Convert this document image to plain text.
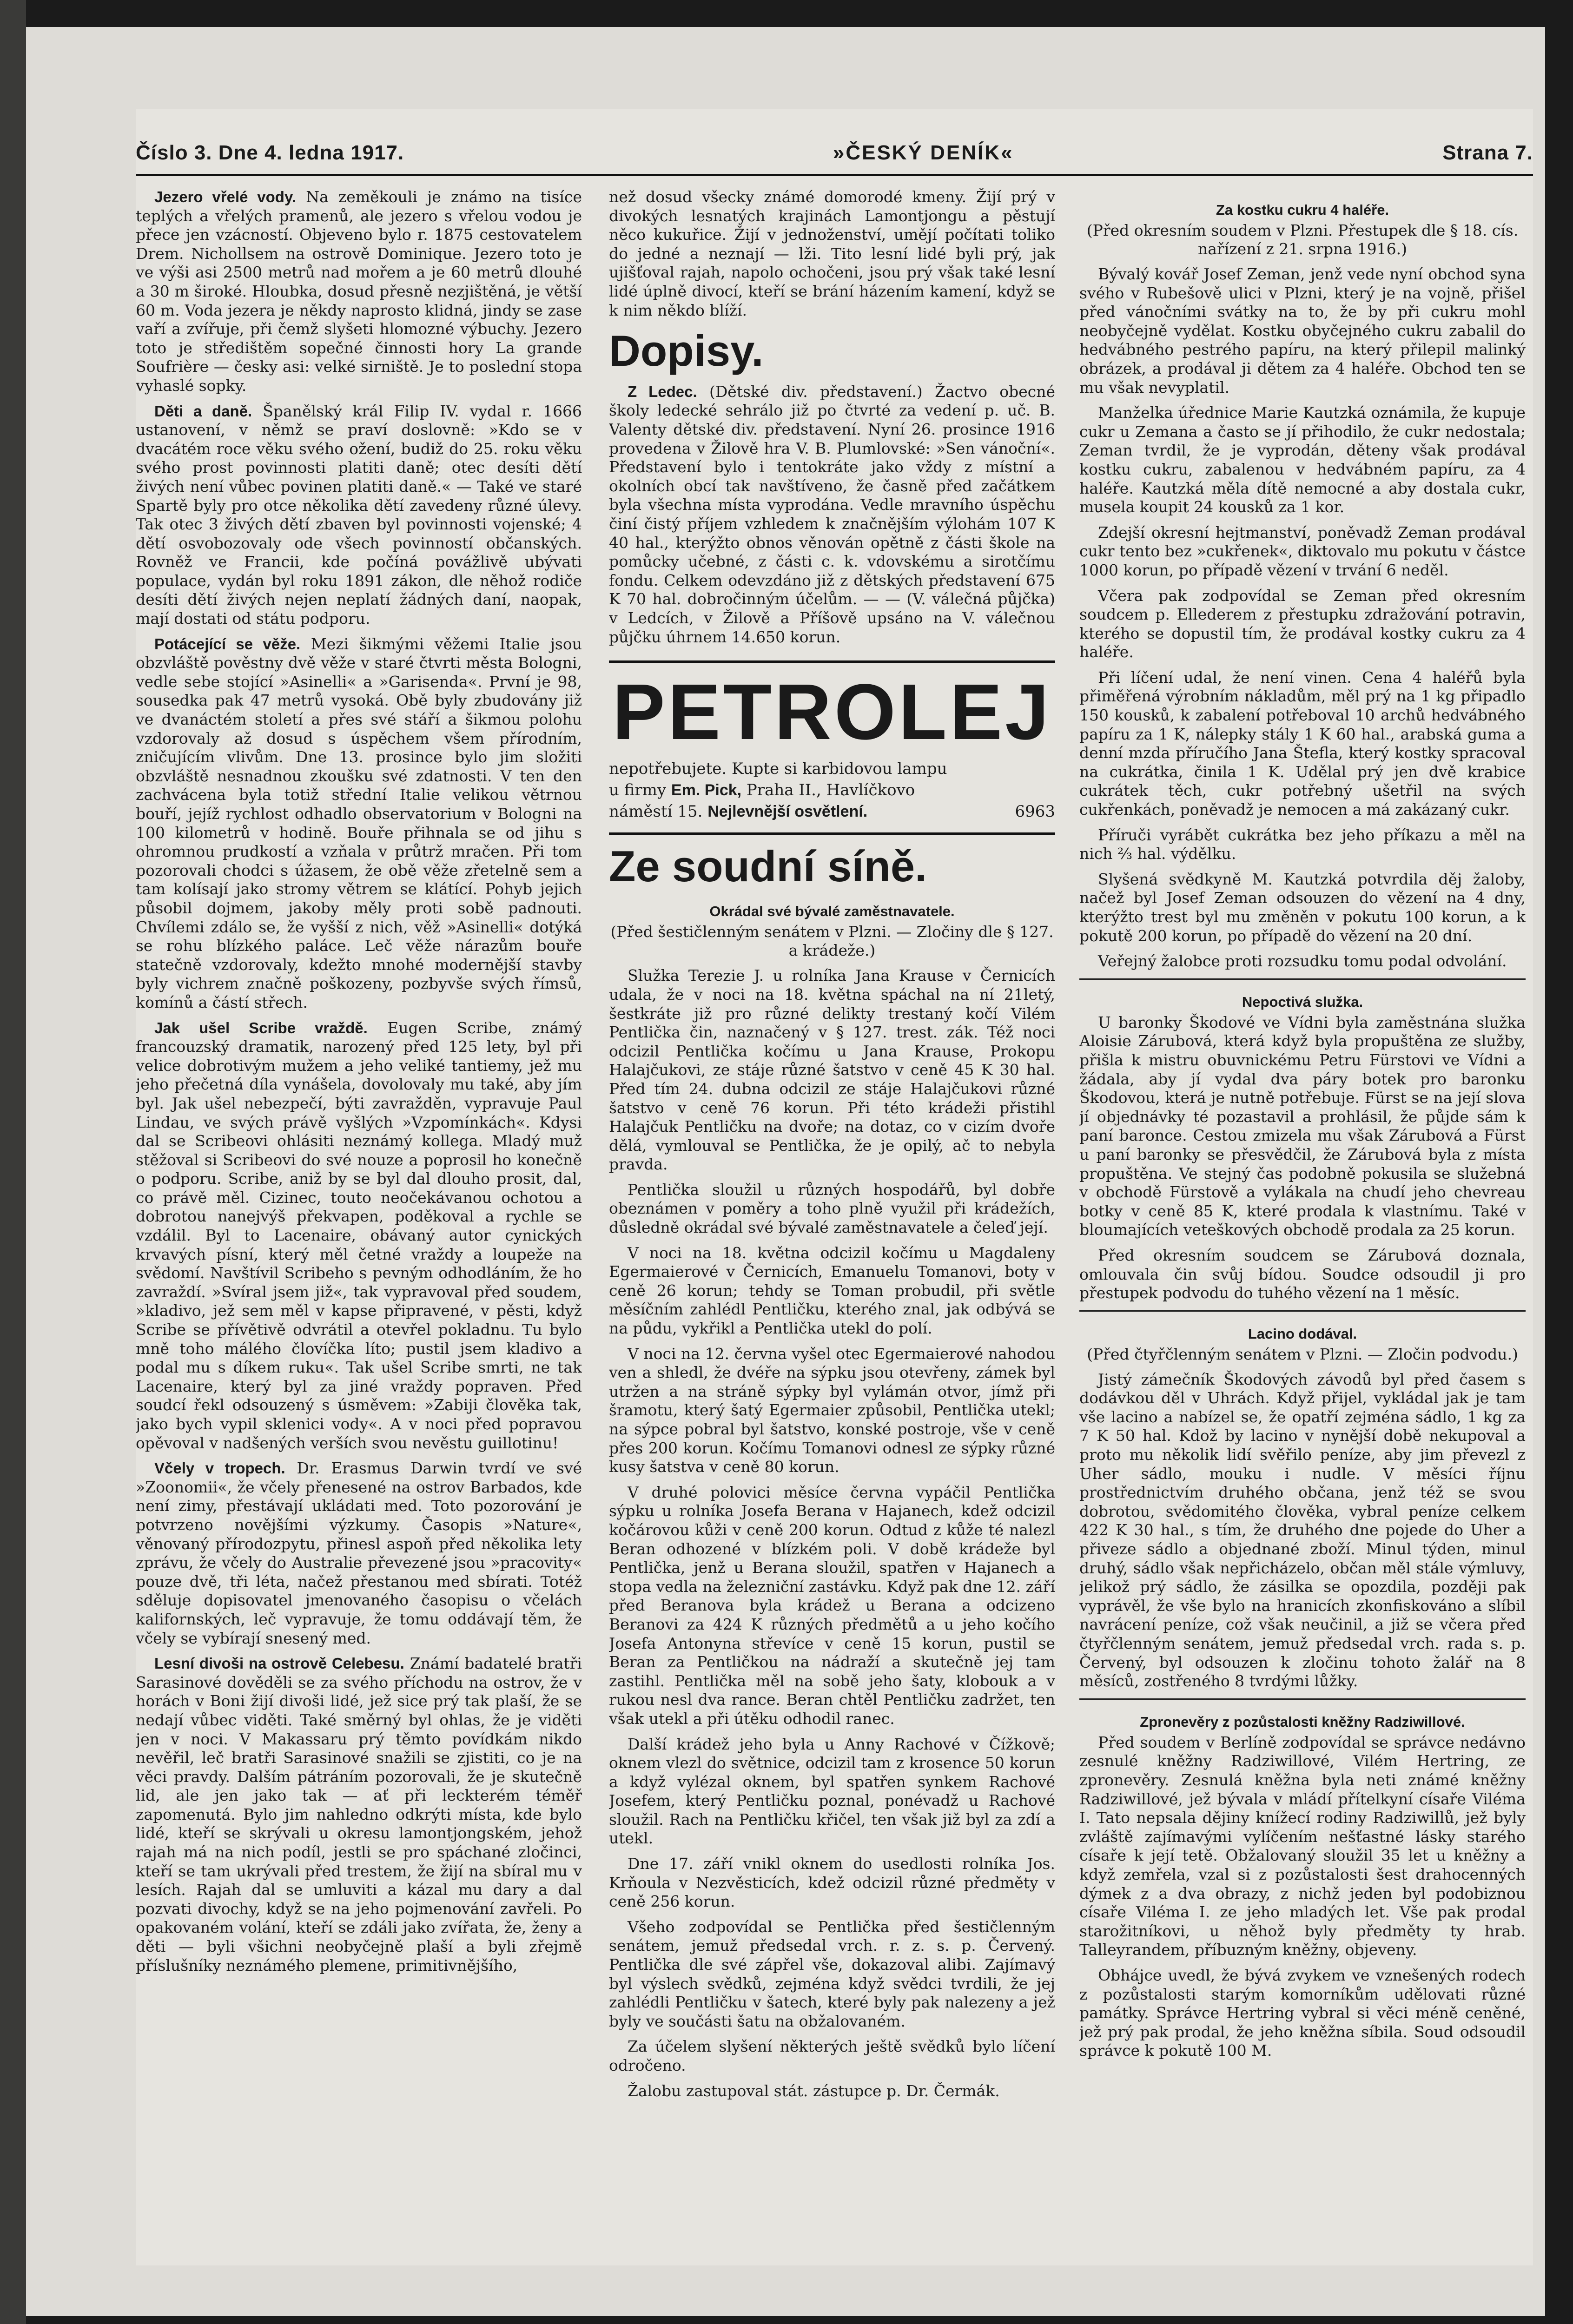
Číslo 3. Dne 4. ledna 1917.	»ČESKÝ DENÍK«	Strana 7.

Jezero vřelé vody. Na zeměkouli je známo na tisíce teplých a vřelých pramenů, ale jezero s vřelou vodou je přece jen vzácností. Objeveno bylo r. 1875 cestovatelem Drem. Nichollsem na ostrově Dominique. Jezero toto je ve výši asi 2500 metrů nad mořem a je 60 metrů dlouhé a 30 m široké. Hloubka, dosud přesně nezjištěná, je větší 60 m. Voda jezera je někdy naprosto klidná, jindy se zase vaří a zvířuje, při čemž slyšeti hlomozné výbuchy. Jezero toto je středištěm sopečné činnosti hory La grande Soufrière — česky asi: velké sirniště. Je to poslední stopa vyhaslé sopky.

Děti a daně. Španělský král Filip IV. vydal r. 1666 ustanovení, v němž se praví doslovně: »Kdo se v dvacátém roce věku svého ožení, budiž do 25. roku věku svého prost povinnosti platiti daně; otec desíti dětí živých není vůbec povinen platiti daně.« — Také ve staré Spartě byly pro otce několika dětí zavedeny různé úlevy. Tak otec 3 živých dětí zbaven byl povinnosti vojenské; 4 dětí osvobozovaly ode všech povinností občanských. Rovněž ve Francii, kde počíná povážlivě ubývati populace, vydán byl roku 1891 zákon, dle něhož rodiče desíti dětí živých nejen neplatí žádných daní, naopak, mají dostati od státu podporu.

Potácející se věže. Mezi šikmými věžemi Italie jsou obzvláště pověstny dvě věže v staré čtvrti města Bologni, vedle sebe stojící »Asinelli« a »Garisenda«. První je 98, sousedka pak 47 metrů vysoká. Obě byly zbudovány již ve dvanáctém století a přes své stáří a šikmou polohu vzdorovaly až dosud s úspěchem všem přírodním, zničujícím vlivům. Dne 13. prosince bylo jim složiti obzvláště nesnadnou zkoušku své zdatnosti. V ten den zachvácena byla totiž střední Italie velikou větrnou bouří, jejíž rychlost odhadlo observatorium v Bologni na 100 kilometrů v hodině. Bouře přihnala se od jihu s ohromnou prudkostí a vzňala v průtrž mračen. Při tom pozorovali chodci s úžasem, že obě věže zřetelně sem a tam kolísají jako stromy větrem se klátící. Pohyb jejich působil dojmem, jakoby měly proti sobě padnouti. Chvílemi zdálo se, že vyšší z nich, věž »Asinelli« dotýká se rohu blízkého paláce. Leč věže nárazům bouře statečně vzdorovaly, kdežto mnohé modernější stavby byly vichrem značně poškozeny, pozbyvše svých římsů, komínů a částí střech.

Jak ušel Scribe vraždě. Eugen Scribe, známý francouzský dramatik, narozený před 125 lety, byl při velice dobrotivým mužem a jeho veliké tantiemy, jež mu jeho přečetná díla vynášela, dovolovaly mu také, aby jím byl. Jak ušel nebezpečí, býti zavražděn, vypravuje Paul Lindau, ve svých právě vyšlých »Vzpomínkách«. Kdysi dal se Scribeovi ohlásiti neznámý kollega. Mladý muž stěžoval si Scribeovi do své nouze a poprosil ho konečně o podporu. Scribe, aniž by se byl dal dlouho prosit, dal, co právě měl. Cizinec, touto neočekávanou ochotou a dobrotou nanejvýš překvapen, poděkoval a rychle se vzdálil. Byl to Lacenaire, obávaný autor cynických krvavých písní, který měl četné vraždy a loupeže na svědomí. Navštívil Scribeho s pevným odhodláním, že ho zavraždí. »Svíral jsem již«, tak vypravoval před soudem, »kladivo, jež sem měl v kapse připravené, v pěsti, když Scribe se přívětivě odvrátil a otevřel pokladnu. Tu bylo mně toho málého človíčka líto; pustil jsem kladivo a podal mu s díkem ruku«. Tak ušel Scribe smrti, ne tak Lacenaire, který byl za jiné vraždy popraven. Před soudcí řekl odsouzený s úsměvem: »Zabiji člověka tak, jako bych vypil sklenici vody«. A v noci před popravou opěvoval v nadšených verších svou nevěstu guillotinu!

Včely v tropech. Dr. Erasmus Darwin tvrdí ve své »Zoonomii«, že včely přenesené na ostrov Barbados, kde není zimy, přestávají ukládati med. Toto pozorování je potvrzeno novějšími výzkumy. Časopis »Nature«, věnovaný přírodozpytu, přinesl aspoň před několika lety zprávu, že včely do Australie převezené jsou »pracovity« pouze dvě, tři léta, načež přestanou med sbírati. Totéž sděluje dopisovatel jmenovaného časopisu o včelách kalifornských, leč vypravuje, že tomu oddávají těm, že včely se vybírají snesený med.

Lesní divoši na ostrově Celebesu. Známí badatelé bratři Sarasinové dověděli se za svého příchodu na ostrov, že v horách v Boni žijí divoši lidé, jež sice prý tak plaší, že se nedají vůbec viděti. Také směrný byl ohlas, že je viděti jen v noci. V Makassaru prý těmto povídkám nikdo nevěřil, leč bratři Sarasinové snažili se zjistiti, co je na věci pravdy. Dalším pátráním pozorovali, že je skutečně lid, ale jen jako tak — ať při leckterém téměř zapomenutá. Bylo jim nahledno odkrýti místa, kde bylo lidé, kteří se skrývali u okresu lamontjongském, jehož rajah má na nich podíl, jestli se pro spáchané zločinci, kteří se tam ukrývali před trestem, že žijí na sbíral mu v lesích. Rajah dal se umluviti a kázal mu dary a dal pozvati divochy, když se na jeho pojmenování zavřeli. Po opakovaném volání, kteří se zdáli jako zvířata, že, ženy a děti — byli všichni neobyčejně plaší a byli zřejmě příslušníky neznámého plemene, primitivnějšího,

než dosud všecky známé domorodé kmeny. Žijí prý v divokých lesnatých krajinách Lamontjongu a pěstují něco kukuřice. Žijí v jednoženství, umějí počítati toliko do jedné a neznají — lži. Tito lesní lidé byli prý, jak ujišťoval rajah, napolo ochočeni, jsou prý však také lesní lidé úplně divocí, kteří se brání házením kamení, když se k nim někdo blíží.

Dopisy.

Z Ledec. (Dětské div. představení.) Žactvo obecné školy ledecké sehrálo již po čtvrté za vedení p. uč. B. Valenty dětské div. představení. Nyní 26. prosince 1916 provedena v Žilově hra V. B. Plumlovské: »Sen vánoční«. Představení bylo i tentokráte jako vždy z místní a okolních obcí tak navštíveno, že časně před začátkem byla všechna místa vyprodána. Vedle mravního úspěchu činí čistý příjem vzhledem k značnějším výlohám 107 K 40 hal., kterýžto obnos věnován opětně z části škole na pomůcky učebné, z části c. k. vdovskému a sirotčímu fondu. Celkem odevzdáno již z dětských představení 675 K 70 hal. dobročinným účelům. — — (V. válečná půjčka) v Ledcích, v Žilově a Příšově upsáno na V. válečnou půjčku úhrnem 14.650 korun.

PETROLEJ
nepotřebujete. Kupte si karbidovou lampu
u firmy Em. Pick, Praha II., Havlíčkovo
náměstí 15. Nejlevnější osvětlení.	6963
Ze soudní síně.
Okrádal své bývalé zaměstnavatele.
(Před šestičlenným senátem v Plzni. — Zločiny dle § 127. a krádeže.)

Služka Terezie J. u rolníka Jana Krause v Černicích udala, že v noci na 18. května spáchal na ní 21letý, šestkráte již pro různé delikty trestaný kočí Vilém Pentlička čin, naznačený v § 127. trest. zák. Též noci odcizil Pentlička kočímu u Jana Krause, Prokopu Halajčukovi, ze stáje různé šatstvo v ceně 45 K 30 hal. Před tím 24. dubna odcizil ze stáje Halajčukovi různé šatstvo v ceně 76 korun. Při této krádeži přistihl Halajčuk Pentličku na dvoře; na dotaz, co v cizím dvoře dělá, vymlouval se Pentlička, že je opilý, ač to nebyla pravda.

Pentlička sloužil u různých hospodářů, byl dobře obeznámen v poměry a toho plně využil při krádežích, důsledně okrádal své bývalé zaměstnavatele a čeleď její.

V noci na 18. května odcizil kočímu u Magdaleny Egermaierové v Černicích, Emanuelu Tomanovi, boty v ceně 26 korun; tehdy se Toman probudil, při světle měsíčním zahlédl Pentličku, kterého znal, jak odbývá se na půdu, vykřikl a Pentlička utekl do polí.

V noci na 12. června vyšel otec Egermaierové nahodou ven a shledl, že dvéře na sýpku jsou otevřeny, zámek byl utržen a na stráně sýpky byl vylámán otvor, jímž při šramotu, který šatý Egermaier způsobil, Pentlička utekl; na sýpce pobral byl šatstvo, konské postroje, vše v ceně přes 200 korun. Kočímu Tomanovi odnesl ze sýpky různé kusy šatstva v ceně 80 korun.

V druhé polovici měsíce června vypáčil Pentlička sýpku u rolníka Josefa Berana v Hajanech, kdež odcizil kočárovou kůži v ceně 200 korun. Odtud z kůže té nalezl Beran odhozené v blízkém poli. V době krádeže byl Pentlička, jenž u Berana sloužil, spatřen v Hajanech a stopa vedla na železniční zastávku. Když pak dne 12. září před Beranova byla krádež u Berana a odcizeno Beranovi za 424 K různých předmětů a u jeho kočího Josefa Antonyna střevíce v ceně 15 korun, pustil se Beran za Pentličkou na nádraží a skutečně jej tam zastihl. Pentlička měl na sobě jeho šaty, klobouk a v rukou nesl dva rance. Beran chtěl Pentličku zadržet, ten však utekl a při útěku odhodil ranec.

Další krádež jeho byla u Anny Rachové v Čížkově; oknem vlezl do světnice, odcizil tam z krosence 50 korun a když vylézal oknem, byl spatřen synkem Rachové Josefem, který Pentličku poznal, ponévadž u Rachové sloužil. Rach na Pentličku křičel, ten však již byl za zdí a utekl.

Dne 17. září vnikl oknem do usedlosti rolníka Jos. Krňoula v Nezvěsticích, kdež odcizil různé předměty v ceně 256 korun.

Všeho zodpovídal se Pentlička před šestičlenným senátem, jemuž předsedal vrch. r. z. s. p. Červený. Pentlička dle své zápřel vše, dokazoval alibi. Zajímavý byl výslech svědků, zejména když svědci tvrdili, že jej zahlédli Pentličku v šatech, které byly pak nalezeny a jež byly ve součásti šatu na obžalovaném.

Za účelem slyšení některých ještě svědků bylo líčení odročeno.

Žalobu zastupoval stát. zástupce p. Dr. Čermák.

Za kostku cukru 4 haléře.
(Před okresním soudem v Plzni. Přestupek dle § 18. cís. nařízení z 21. srpna 1916.)

Bývalý kovář Josef Zeman, jenž vede nyní obchod syna svého v Rubešově ulici v Plzni, který je na vojně, přišel před vánočními svátky na to, že by při cukru mohl neobyčejně vydělat. Kostku obyčejného cukru zabalil do hedvábného pestrého papíru, na který přilepil malinký obrázek, a prodával ji dětem za 4 haléře. Obchod ten se mu však nevyplatil.

Manželka úřednice Marie Kautzká oznámila, že kupuje cukr u Zemana a často se jí přihodilo, že cukr nedostala; Zeman tvrdil, že je vyprodán, děteny však prodával kostku cukru, zabalenou v hedvábném papíru, za 4 haléře. Kautzká měla dítě nemocné a aby dostala cukr, musela koupit 24 kousků za 1 kor.

Zdejší okresní hejtmanství, poněvadž Zeman prodával cukr tento bez »cukřenek«, diktovalo mu pokutu v částce 1000 korun, po případě vězení v trvání 6 neděl.

Včera pak zodpovídal se Zeman před okresním soudcem p. Ellederem z přestupku zdražování potravin, kterého se dopustil tím, že prodával kostky cukru za 4 haléře.

Při líčení udal, že není vinen. Cena 4 haléřů byla přiměřená výrobním nákladům, měl prý na 1 kg připadlo 150 kousků, k zabalení potřeboval 10 archů hedvábného papíru za 1 K, nálepky stály 1 K 60 hal., arabská guma a denní mzda příručího Jana Štefla, který kostky spracoval na cukrátka, činila 1 K. Udělal prý jen dvě krabice cukrátek těch, cukr potřebný ušetřil na svých cukřenkách, poněvadž je nemocen a má zakázaný cukr.

Příruči vyrábět cukrátka bez jeho příkazu a měl na nich ⅔ hal. výdělku.

Slyšená svědkyně M. Kautzká potvrdila děj žaloby, načež byl Josef Zeman odsouzen do vězení na 4 dny, kterýžto trest byl mu změněn v pokutu 100 korun, a k pokutě 200 korun, po případě do vězení na 20 dní.

Veřejný žalobce proti rozsudku tomu podal odvolání.

Nepoctivá služka.

U baronky Škodové ve Vídni byla zaměstnána služka Aloisie Zárubová, která když byla propuštěna ze služby, přišla k mistru obuvnickému Petru Fürstovi ve Vídni a žádala, aby jí vydal dva páry botek pro baronku Škodovou, která je nutně potřebuje. Fürst se na její slova jí objednávky té pozastavil a prohlásil, že půjde sám k paní baronce. Cestou zmizela mu však Zárubová a Fürst u paní baronky se přesvědčil, že Zárubová byla z místa propuštěna. Ve stejný čas podobně pokusila se služebná v obchodě Fürstově a vylákala na chudí jeho chevreau botky v ceně 85 K, které prodala k vlastnímu. Také v bloumajících veteškových obchodě prodala za 25 korun.

Před okresním soudcem se Zárubová doznala, omlouvala čin svůj bídou. Soudce odsoudil ji pro přestupek podvodu do tuhého vězení na 1 měsíc.

Lacino dodával.
(Před čtyřčlenným senátem v Plzni. — Zločin podvodu.)

Jistý zámečník Škodových závodů byl před časem s dodávkou děl v Uhrách. Když přijel, vykládal jak je tam vše lacino a nabízel se, že opatří zejména sádlo, 1 kg za 7 K 50 hal. Kdož by lacino v nynější době nekupoval a proto mu několik lidí svěřilo peníze, aby jim převezl z Uher sádlo, mouku i nudle. V měsíci říjnu prostřednictvím druhého občana, jenž též se svou dobrotou, svědomitého člověka, vybral peníze celkem 422 K 30 hal., s tím, že druhého dne pojede do Uher a přiveze sádlo a objednané zboží. Minul týden, minul druhý, sádlo však nepřicházelo, občan měl stále výmluvy, jelikož prý sádlo, že zásilka se opozdila, později pak vyprávěl, že vše bylo na hranicích zkonfiskováno a slíbil navrácení peníze, což však neučinil, a již se včera před čtyřčlenným senátem, jemuž předsedal vrch. rada s. p. Červený, byl odsouzen k zločinu tohoto žalář na 8 měsíců, zostřeného 8 tvrdými lůžky.

Zpronevěry z pozůstalosti kněžny Radziwillové.

Před soudem v Berlíně zodpovídal se správce nedávno zesnulé kněžny Radziwillové, Vilém Hertring, ze zpronevěry. Zesnulá kněžna byla neti známé kněžny Radziwillové, jež bývala v mládí přítelkyní císaře Viléma I. Tato nepsala dějiny knížecí rodiny Radziwillů, jež byly zvláště zajímavými vylíčením nešťastné lásky starého císaře k její tetě. Obžalovaný sloužil 35 let u kněžny a když zemřela, vzal si z pozůstalosti šest drahocenných dýmek z a dva obrazy, z nichž jeden byl podobiznou císaře Viléma I. ze jeho mladých let. Vše pak prodal starožitníkovi, u něhož byly předměty ty hrab. Talleyrandem, příbuzným kněžny, objeveny.

Obhájce uvedl, že bývá zvykem ve vznešených rodech z pozůstalosti starým komorníkům udělovati různé památky. Správce Hertring vybral si věci méně ceněné, jež prý pak prodal, že jeho kněžna síbila. Soud odsoudil správce k pokutě 100 M.
